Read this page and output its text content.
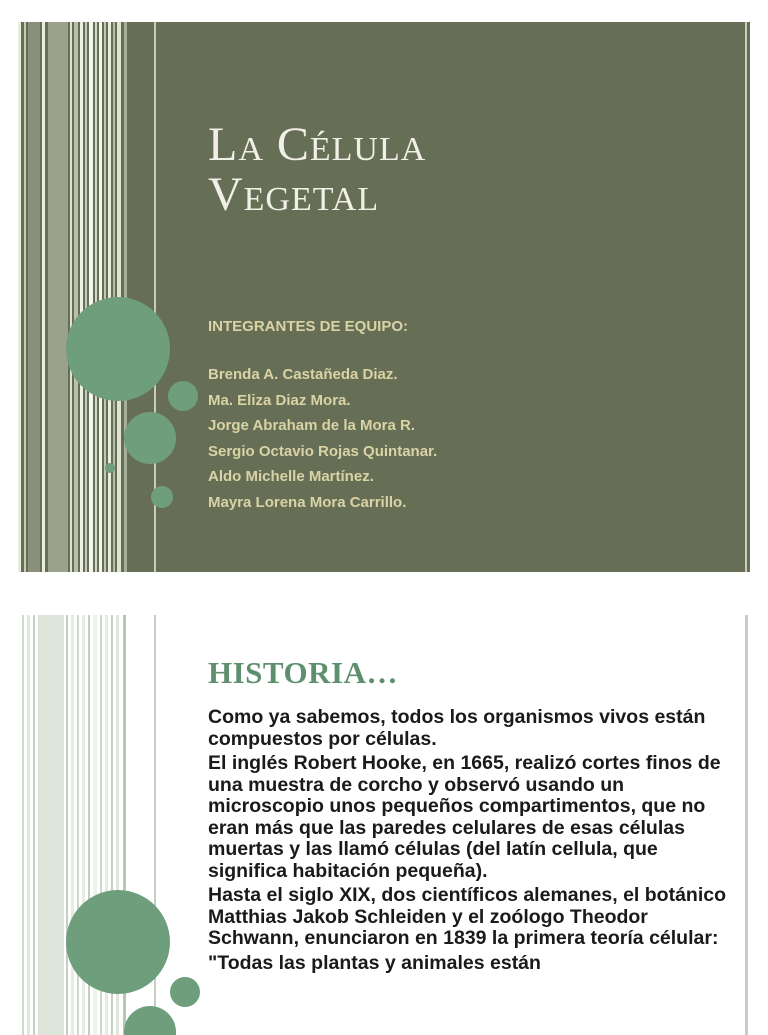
La Célula
Vegetal
INTEGRANTES DE EQUIPO:
Brenda A. Castañeda Diaz.
Ma. Eliza Diaz Mora.
Jorge Abraham de la Mora R.
Sergio Octavio Rojas Quintanar.
Aldo Michelle Martínez.
Mayra Lorena Mora Carrillo.
HISTORIA…

Como ya sabemos, todos los organismos vivos están compuestos por células.

El inglés Robert Hooke, en 1665, realizó cortes finos de una muestra de corcho y observó usando un microscopio unos pequeños compartimentos, que no eran más que las paredes celulares de esas células muertas y las llamó células (del latín cellula, que significa habitación pequeña).

Hasta el siglo XIX, dos científicos alemanes, el botánico Matthias Jakob Schleiden y el zoólogo Theodor Schwann, enunciaron en 1839 la primera teoría célular:

"Todas las plantas y animales están
